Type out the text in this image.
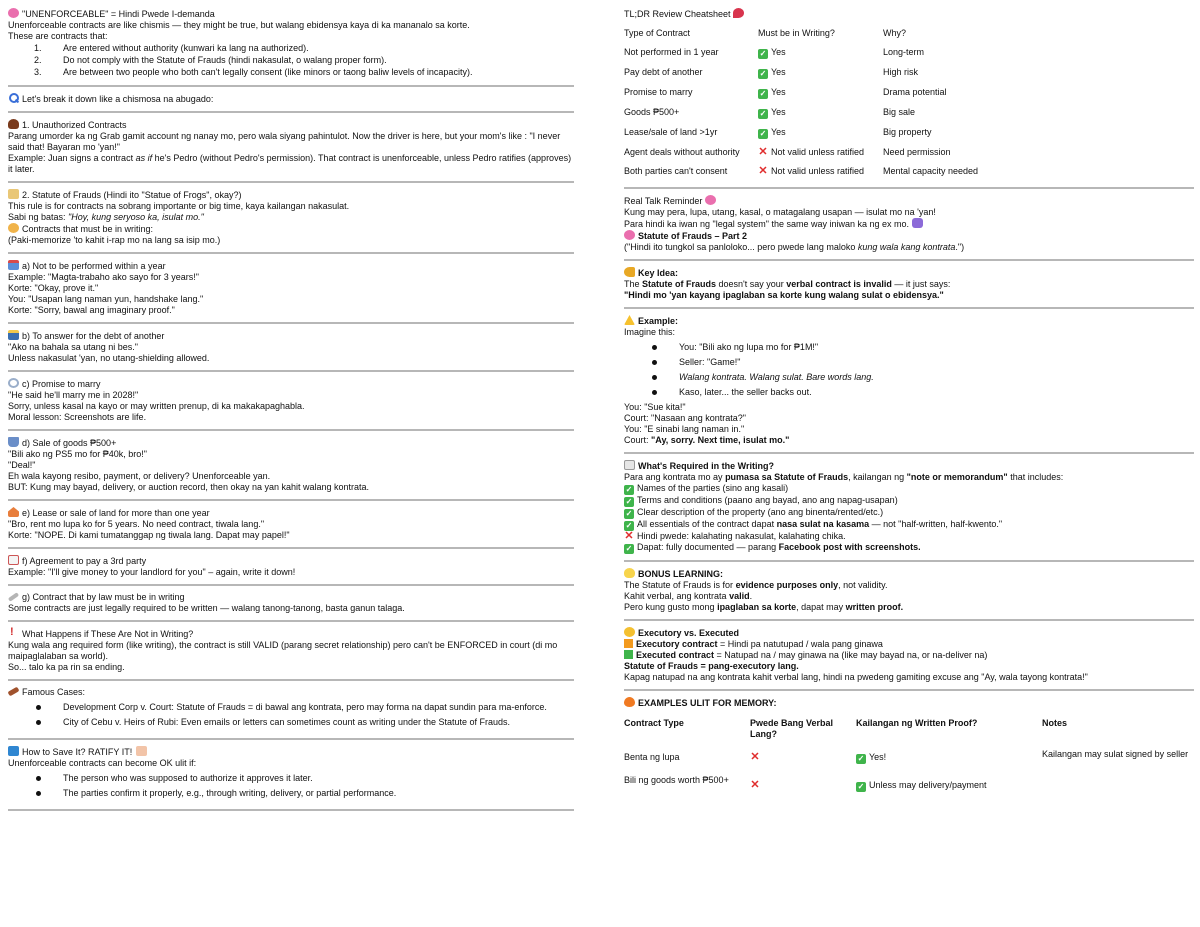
"UNENFORCEABLE" = Hindi Pwede I-demanda

Unenforceable contracts are like chismis — they might be true, but walang ebidensya kaya di ka mananalo sa korte.

These are contracts that:

1. Are entered without authority (kunwari ka lang na authorized).
2. Do not comply with the Statute of Frauds (hindi nakasulat, o walang proper form).
3. Are between two people who both can't legally consent (like minors or taong baliw levels of incapacity).

Let's break it down like a chismosa na abugado:

1. Unauthorized Contracts

Parang umorder ka ng Grab gamit account ng nanay mo, pero wala siyang pahintulot. Now the driver is here, but your mom's like : "I never said that! Bayaran mo 'yan!"

Example: Juan signs a contract as if he's Pedro (without Pedro's permission). That contract is unenforceable, unless Pedro ratifies (approves) it later.

2. Statute of Frauds (Hindi ito "Statue of Frogs", okay?)

This rule is for contracts na sobrang importante or big time, kaya kailangan nakasulat.

Sabi ng batas: "Hoy, kung seryoso ka, isulat mo."

Contracts that must be in writing:

(Paki-memorize 'to kahit i-rap mo na lang sa isip mo.)

a) Not to be performed within a year

Example: "Magta-trabaho ako sayo for 3 years!"

Korte: "Okay, prove it."

You: "Usapan lang naman yun, handshake lang."

Korte: "Sorry, bawal ang imaginary proof."

b) To answer for the debt of another

"Ako na bahala sa utang ni bes."

Unless nakasulat 'yan, no utang-shielding allowed.

c) Promise to marry

"He said he'll marry me in 2028!"

Sorry, unless kasal na kayo or may written prenup, di ka makakapaghabla.

Moral lesson: Screenshots are life.

d) Sale of goods ₱500+

"Bili ako ng PS5 mo for ₱40k, bro!"

"Deal!"

Eh wala kayong resibo, payment, or delivery? Unenforceable yan.

BUT: Kung may bayad, delivery, or auction record, then okay na yan kahit walang kontrata.

e) Lease or sale of land for more than one year

"Bro, rent mo lupa ko for 5 years. No need contract, tiwala lang."

Korte: "NOPE. Di kami tumatanggap ng tiwala lang. Dapat may papel!"

f) Agreement to pay a 3rd party

Example: "I'll give money to your landlord for you" – again, write it down!

g) Contract that by law must be in writing

Some contracts are just legally required to be written — walang tanong-tanong, basta ganun talaga.

!What Happens if These Are Not in Writing?

Kung wala ang required form (like writing), the contract is still VALID (parang secret relationship) pero can't be ENFORCED in court (di mo maipaglalaban sa world).

So... talo ka pa rin sa ending.

Famous Cases:

Development Corp v. Court: Statute of Frauds = di bawal ang kontrata, pero may forma na dapat sundin para ma-enforce.
City of Cebu v. Heirs of Rubi: Even emails or letters can sometimes count as writing under the Statute of Frauds.

How to Save It? RATIFY IT!

Unenforceable contracts can become OK ulit if:

The person who was supposed to authorize it approves it later.
The parties confirm it properly, e.g., through writing, delivery, or partial performance.

TL;DR Review Cheatsheet

Type of Contract	Must be in Writing?	Why?
Not performed in 1 year	✓ Yes	Long-term
Pay debt of another	✓ Yes	High risk
Promise to marry	✓ Yes	Drama potential
Goods ₱500+	✓ Yes	Big sale
Lease/sale of land >1yr	✓ Yes	Big property
Agent deals without authority	✕ Not valid unless ratified	Need permission
Both parties can't consent	✕ Not valid unless ratified	Mental capacity needed

Real Talk Reminder

Kung may pera, lupa, utang, kasal, o matagalang usapan — isulat mo na 'yan!

Para hindi ka iwan ng "legal system" the same way iniwan ka ng ex mo.

Statute of Frauds – Part 2

("Hindi ito tungkol sa panloloko... pero pwede lang maloko kung wala kang kontrata.")

Key Idea:

The Statute of Frauds doesn't say your verbal contract is invalid — it just says:

"Hindi mo 'yan kayang ipaglaban sa korte kung walang sulat o ebidensya."

Example:

Imagine this:

You: "Bili ako ng lupa mo for ₱1M!"
Seller: "Game!"
Walang kontrata. Walang sulat. Bare words lang.
Kaso, later... the seller backs out.

You: "Sue kita!"

Court: "Nasaan ang kontrata?"

You: "E sinabi lang naman in."

Court: "Ay, sorry. Next time, isulat mo."

What's Required in the Writing?

Para ang kontrata mo ay pumasa sa Statute of Frauds, kailangan ng "note or memorandum" that includes:

✓ Names of the parties (sino ang kasali)

✓ Terms and conditions (paano ang bayad, ano ang napag-usapan)

✓ Clear description of the property (ano ang binenta/rented/etc.)

✓ All essentials of the contract dapat nasa sulat na kasama — not "half-written, half-kwento."

✕ Hindi pwede: kalahating nakasulat, kalahating chika.

✓ Dapat: fully documented — parang Facebook post with screenshots.

BONUS LEARNING:

The Statute of Frauds is for evidence purposes only, not validity.

Kahit verbal, ang kontrata valid.

Pero kung gusto mong ipaglaban sa korte, dapat may written proof.

Executory vs. Executed

Executory contract = Hindi pa natutupad / wala pang ginawa

Executed contract = Natupad na / may ginawa na (like may bayad na, or na-deliver na)

Statute of Frauds = pang-executory lang.

Kapag natupad na ang kontrata kahit verbal lang, hindi na pwedeng gamiting excuse ang "Ay, wala tayong kontrata!"

EXAMPLES ULIT FOR MEMORY:

Contract Type	Pwede Bang Verbal Lang?	Kailangan ng Written Proof?	Notes
Benta ng lupa	✕	✓ Yes!	Kailangan may sulat signed by seller
Bili ng goods worth ₱500+	✕	✓ Unless may delivery/payment	
